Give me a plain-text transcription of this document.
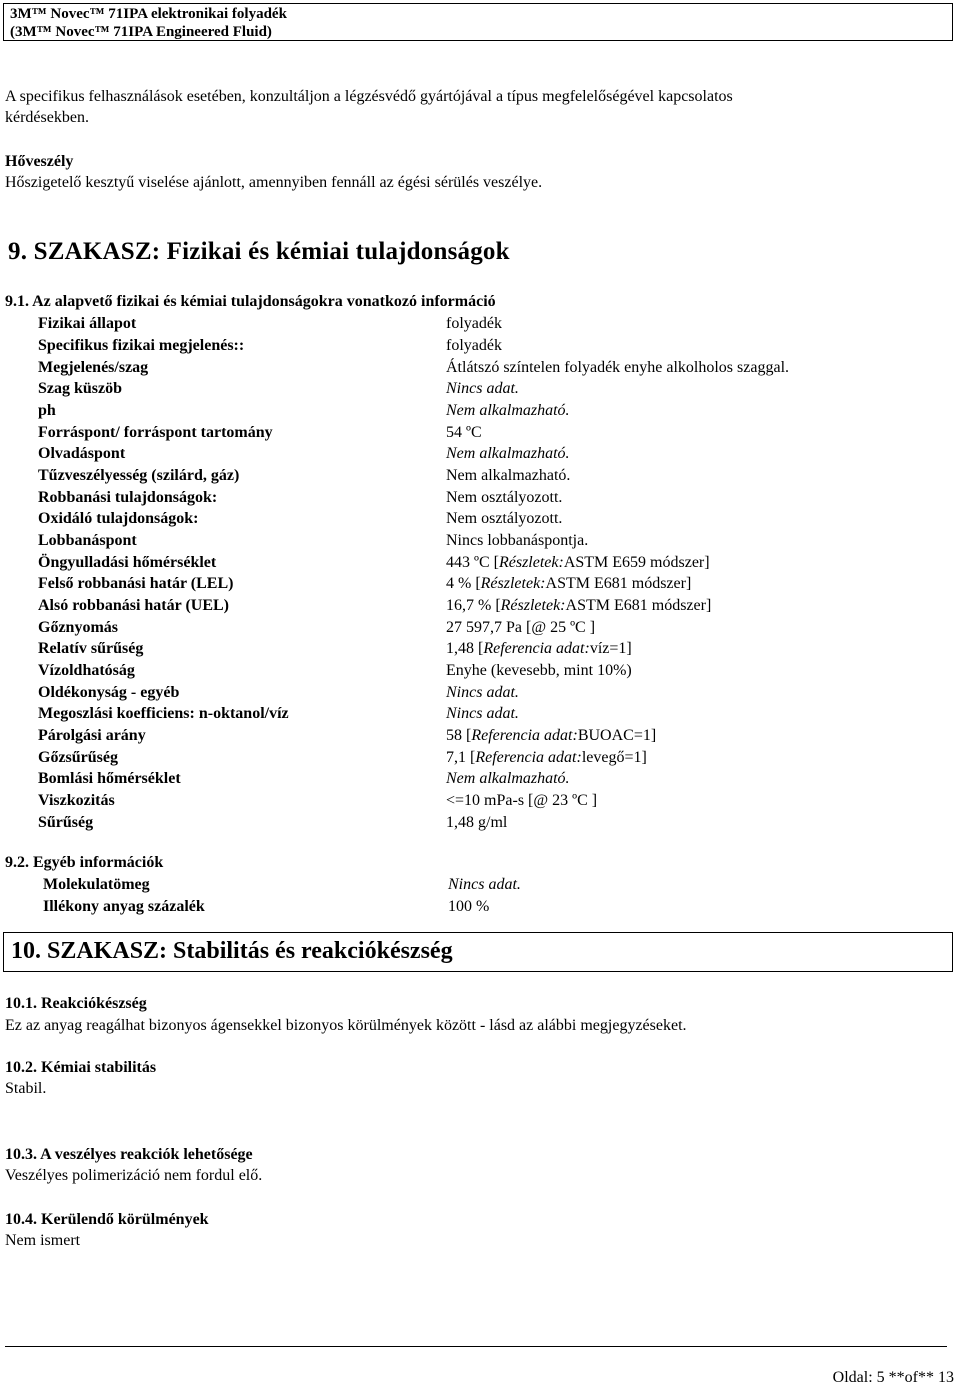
3M™ Novec™ 71IPA elektronikai folyadék
(3M™ Novec™ 71IPA Engineered Fluid)
A specifikus felhasználások esetében, konzultáljon a légzésvédő gyártójával a típus megfelelőségével kapcsolatos
kérdésekben.
Hőveszély
Hőszigetelő kesztyű viselése ajánlott, amennyiben fennáll az égési sérülés veszélye.
9. SZAKASZ: Fizikai és kémiai tulajdonságok
9.1. Az alapvető fizikai és kémiai tulajdonságokra vonatkozó információ
Fizikai állapot	folyadék
Specifikus fizikai megjelenés::	folyadék
Megjelenés/szag	Átlátszó színtelen folyadék enyhe alkolholos szaggal.
Szag küszöb	Nincs adat.
ph	Nem alkalmazható.
Forráspont/ forráspont tartomány	54 ºC
Olvadáspont	Nem alkalmazható.
Tűzveszélyesség (szilárd, gáz)	Nem alkalmazható.
Robbanási tulajdonságok:	Nem osztályozott.
Oxidáló tulajdonságok:	Nem osztályozott.
Lobbanáspont	Nincs lobbanáspontja.
Öngyulladási hőmérséklet	443 ºC [Részletek:ASTM E659 módszer]
Felső robbanási határ (LEL)	4 % [Részletek:ASTM E681 módszer]
Alsó robbanási határ (UEL)	16,7 % [Részletek:ASTM E681 módszer]
Gőznyomás	27 597,7 Pa [@ 25 ºC ]
Relatív sűrűség	1,48 [Referencia adat:víz=1]
Vízoldhatóság	Enyhe (kevesebb, mint 10%)
Oldékonyság - egyéb	Nincs adat.
Megoszlási koefficiens: n-oktanol/víz	Nincs adat.
Párolgási arány	58 [Referencia adat:BUOAC=1]
Gőzsűrűség	7,1 [Referencia adat:levegő=1]
Bomlási hőmérséklet	Nem alkalmazható.
Viszkozitás	<=10 mPa-s [@ 23 ºC ]
Sűrűség	1,48 g/ml
9.2. Egyéb információk
Molekulatömeg	Nincs adat.
Illékony anyag százalék	100 %
10. SZAKASZ: Stabilitás és reakciókészség
10.1. Reakciókészség
Ez az anyag reagálhat bizonyos ágensekkel bizonyos körülmények között - lásd az alábbi megjegyzéseket.
10.2. Kémiai stabilitás
Stabil.
10.3. A veszélyes reakciók lehetősége
Veszélyes polimerizáció nem fordul elő.
10.4. Kerülendő körülmények
Nem ismert
Oldal: 5 **of** 13
